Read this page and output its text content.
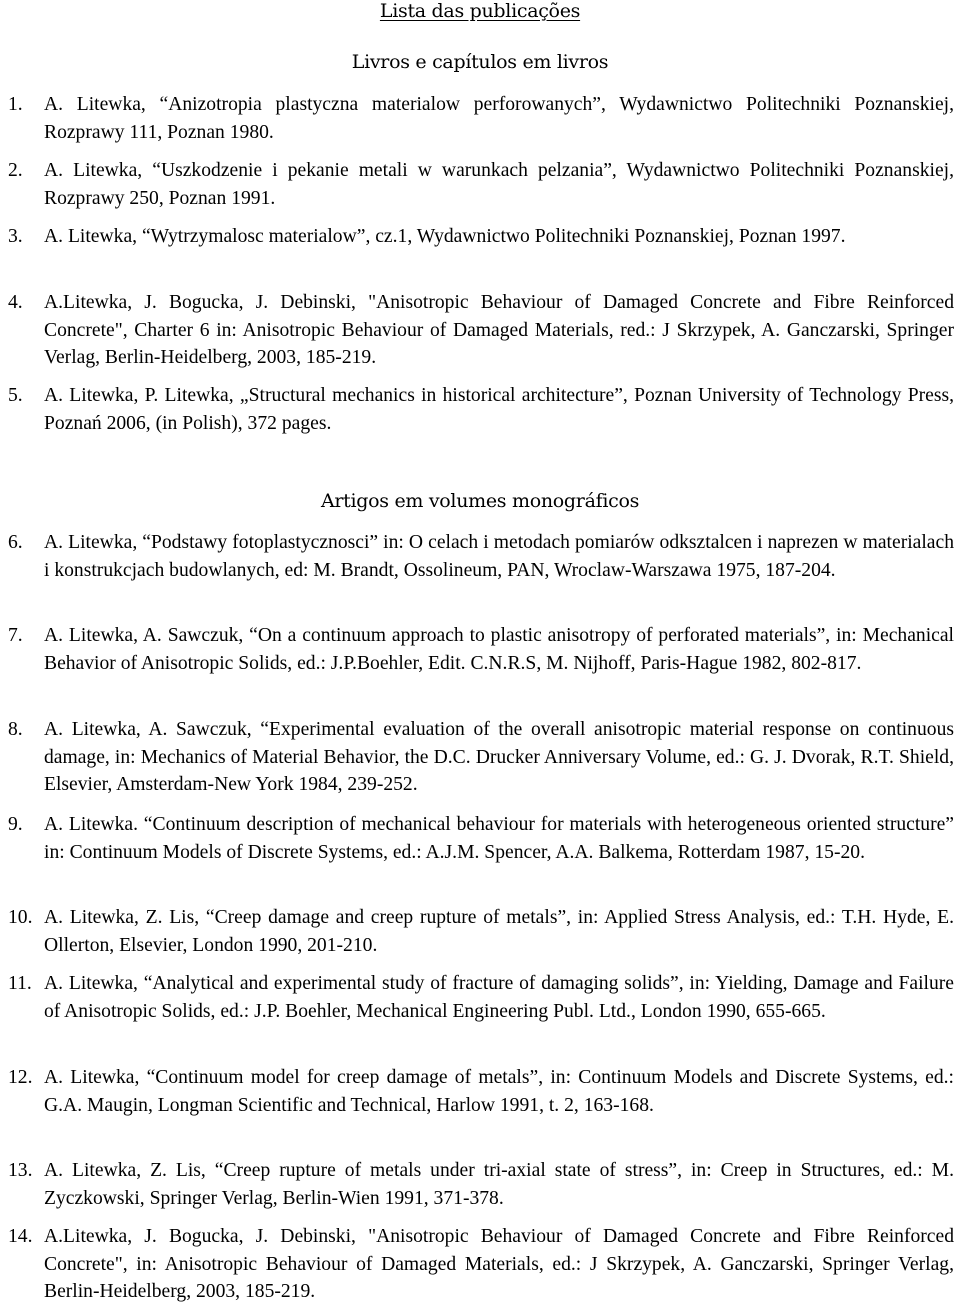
Lista das publicações
Livros e capítulos em livros
1. A. Litewka, “Anizotropia plastyczna materialow perforowanych”, Wydawnictwo Politechniki Poznanskiej, Rozprawy 111, Poznan 1980.
2. A. Litewka, “Uszkodzenie i pekanie metali w warunkach pelzania”, Wydawnictwo Politechniki Poznanskiej, Rozprawy 250, Poznan 1991.
3. A. Litewka, “Wytrzymalosc materialow”, cz.1, Wydawnictwo Politechniki Poznanskiej, Poznan 1997.
4. A.Litewka, J. Bogucka, J. Debinski, "Anisotropic Behaviour of Damaged Concrete and Fibre Reinforced Concrete", Charter 6 in: Anisotropic Behaviour of Damaged Materials, red.: J Skrzypek, A. Ganczarski, Springer Verlag, Berlin-Heidelberg, 2003, 185-219.
5. A. Litewka, P. Litewka, „Structural mechanics in historical architecture”, Poznan University of Technology Press, Poznań 2006, (in Polish), 372 pages.
Artigos em volumes monográficos
6. A. Litewka, “Podstawy fotoplastycznosci” in: O celach i metodach pomiarów odksztalcen i naprezen w materialach i konstrukcjach budowlanych, ed: M. Brandt, Ossolineum, PAN, Wroclaw-Warszawa 1975, 187-204.
7. A. Litewka, A. Sawczuk, “On a continuum approach to plastic anisotropy of perforated materials”, in: Mechanical Behavior of Anisotropic Solids, ed.: J.P.Boehler, Edit. C.N.R.S, M. Nijhoff, Paris-Hague 1982, 802-817.
8. A. Litewka, A. Sawczuk, “Experimental evaluation of the overall anisotropic material response on continuous damage, in: Mechanics of Material Behavior, the D.C. Drucker Anniversary Volume, ed.: G. J. Dvorak, R.T. Shield, Elsevier, Amsterdam-New York 1984, 239-252.
9. A. Litewka. “Continuum description of mechanical behaviour for materials with heterogeneous oriented structure” in: Continuum Models of Discrete Systems, ed.: A.J.M. Spencer, A.A. Balkema, Rotterdam 1987, 15-20.
10. A. Litewka, Z. Lis, “Creep damage and creep rupture of metals”, in: Applied Stress Analysis, ed.: T.H. Hyde, E. Ollerton, Elsevier, London 1990, 201-210.
11. A. Litewka, “Analytical and experimental study of fracture of damaging solids”, in: Yielding, Damage and Failure of Anisotropic Solids, ed.: J.P. Boehler, Mechanical Engineering Publ. Ltd., London 1990, 655-665.
12. A. Litewka, “Continuum model for creep damage of metals”, in: Continuum Models and Discrete Systems, ed.: G.A. Maugin, Longman Scientific and Technical, Harlow 1991, t. 2, 163-168.
13. A. Litewka, Z. Lis, “Creep rupture of metals under tri-axial state of stress”, in: Creep in Structures, ed.: M. Zyczkowski, Springer Verlag, Berlin-Wien 1991, 371-378.
14. A.Litewka, J. Bogucka, J. Debinski, "Anisotropic Behaviour of Damaged Concrete and Fibre Reinforced Concrete", in: Anisotropic Behaviour of Damaged Materials, ed.: J Skrzypek, A. Ganczarski, Springer Verlag, Berlin-Heidelberg, 2003, 185-219.
